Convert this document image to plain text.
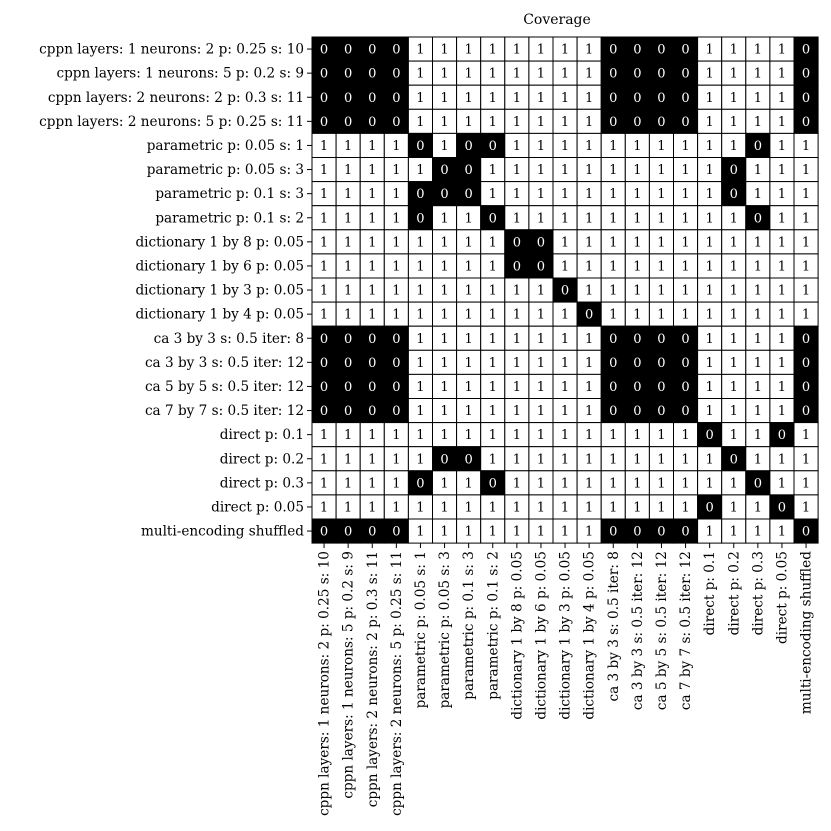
Coverage
0 0 0 0 1 1 1 1 1 1 1 1 0 0 0 0 1 1 1 1 0
0 0 0 0 1 1 1 1 1 1 1 1 0 0 0 0 1 1 1 1 0
0 0 0 0 1 1 1 1 1 1 1 1 0 0 0 0 1 1 1 1 0
0 0 0 0 1 1 1 1 1 1 1 1 0 0 0 0 1 1 1 1 0
1 1 1 1 0 1 0 0 1 1 1 1 1 1 1 1 1 1 0 1 1
1 1 1 1 1 0 0 1 1 1 1 1 1 1 1 1 1 0 1 1 1
1 1 1 1 0 0 0 1 1 1 1 1 1 1 1 1 1 0 1 1 1
1 1 1 1 0 1 1 0 1 1 1 1 1 1 1 1 1 1 0 1 1
1 1 1 1 1 1 1 1 0 0 1 1 1 1 1 1 1 1 1 1 1
1 1 1 1 1 1 1 1 0 0 1 1 1 1 1 1 1 1 1 1 1
1 1 1 1 1 1 1 1 1 1 0 1 1 1 1 1 1 1 1 1 1
1 1 1 1 1 1 1 1 1 1 1 0 1 1 1 1 1 1 1 1 1
0 0 0 0 1 1 1 1 1 1 1 1 0 0 0 0 1 1 1 1 0
0 0 0 0 1 1 1 1 1 1 1 1 0 0 0 0 1 1 1 1 0
0 0 0 0 1 1 1 1 1 1 1 1 0 0 0 0 1 1 1 1 0
0 0 0 0 1 1 1 1 1 1 1 1 0 0 0 0 1 1 1 1 0
1 1 1 1 1 1 1 1 1 1 1 1 1 1 1 1 0 1 1 0 1
1 1 1 1 1 0 0 1 1 1 1 1 1 1 1 1 1 0 1 1 1
1 1 1 1 0 1 1 0 1 1 1 1 1 1 1 1 1 1 0 1 1
1 1 1 1 1 1 1 1 1 1 1 1 1 1 1 1 0 1 1 0 1
0 0 0 0 1 1 1 1 1 1 1 1 0 0 0 0 1 1 1 1 0
cppn layers: 1 neurons: 2 p: 0.25 s: 10
cppn layers: 1 neurons: 5 p: 0.2 s: 9
cppn layers: 2 neurons: 2 p: 0.3 s: 11
cppn layers: 2 neurons: 5 p: 0.25 s: 11
parametric p: 0.05 s: 1
parametric p: 0.05 s: 3
parametric p: 0.1 s: 3
parametric p: 0.1 s: 2
dictionary 1 by 8 p: 0.05
dictionary 1 by 6 p: 0.05
dictionary 1 by 3 p: 0.05
dictionary 1 by 4 p: 0.05
ca 3 by 3 s: 0.5 iter: 8
ca 3 by 3 s: 0.5 iter: 12
ca 5 by 5 s: 0.5 iter: 12
ca 7 by 7 s: 0.5 iter: 12
direct p: 0.1
direct p: 0.2
direct p: 0.3
direct p: 0.05
multi-encoding shuffled
cppn layers: 1 neurons: 2 p: 0.25 s: 10 cppn layers: 1 neurons: 5 p: 0.2 s: 9 cppn layers: 2 neurons: 2 p: 0.3 s: 11 cppn layers: 2 neurons: 5 p: 0.25 s: 11 parametric p: 0.05 s: 1 parametric p: 0.05 s: 3 parametric p: 0.1 s: 3 parametric p: 0.1 s: 2 dictionary 1 by 8 p: 0.05 dictionary 1 by 6 p: 0.05 dictionary 1 by 3 p: 0.05 dictionary 1 by 4 p: 0.05 ca 3 by 3 s: 0.5 iter: 8 ca 3 by 3 s: 0.5 iter: 12 ca 5 by 5 s: 0.5 iter: 12 ca 7 by 7 s: 0.5 iter: 12 direct p: 0.1 direct p: 0.2 direct p: 0.3 direct p: 0.05 multi-encoding shuffled
